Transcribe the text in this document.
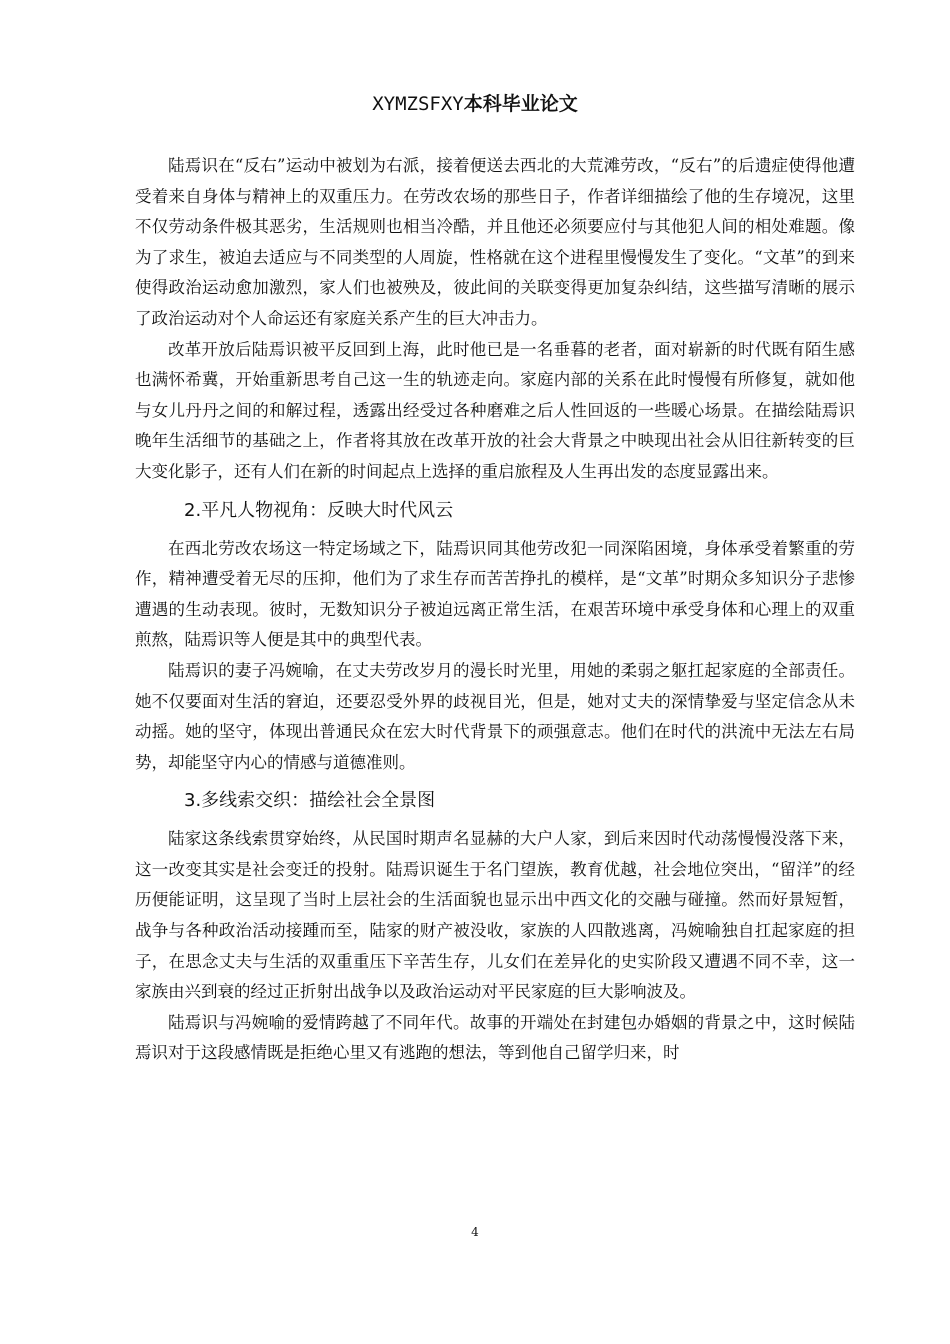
XYMZSFXY本科毕业论文

陆焉识在“反右”运动中被划为右派，接着便送去西北的大荒滩劳改，“反右”的后遗症使得他遭受着来自身体与精神上的双重压力。在劳改农场的那些日子，作者详细描绘了他的生存境况，这里不仅劳动条件极其恶劣，生活规则也相当冷酷，并且他还必须要应付与其他犯人间的相处难题。像为了求生，被迫去适应与不同类型的人周旋，性格就在这个进程里慢慢发生了变化。“文革”的到来使得政治运动愈加激烈，家人们也被殃及，彼此间的关联变得更加复杂纠结，这些描写清晰的展示了政治运动对个人命运还有家庭关系产生的巨大冲击力。

改革开放后陆焉识被平反回到上海，此时他已是一名垂暮的老者，面对崭新的时代既有陌生感也满怀希冀，开始重新思考自己这一生的轨迹走向。家庭内部的关系在此时慢慢有所修复，就如他与女儿丹丹之间的和解过程，透露出经受过各种磨难之后人性回返的一些暖心场景。在描绘陆焉识晚年生活细节的基础之上，作者将其放在改革开放的社会大背景之中映现出社会从旧往新转变的巨大变化影子，还有人们在新的时间起点上选择的重启旅程及人生再出发的态度显露出来。

2.平凡人物视角：反映大时代风云

在西北劳改农场这一特定场域之下，陆焉识同其他劳改犯一同深陷困境，身体承受着繁重的劳作，精神遭受着无尽的压抑，他们为了求生存而苦苦挣扎的模样，是“文革”时期众多知识分子悲惨遭遇的生动表现。彼时，无数知识分子被迫远离正常生活，在艰苦环境中承受身体和心理上的双重煎熬，陆焉识等人便是其中的典型代表。

陆焉识的妻子冯婉喻，在丈夫劳改岁月的漫长时光里，用她的柔弱之躯扛起家庭的全部责任。她不仅要面对生活的窘迫，还要忍受外界的歧视目光，但是，她对丈夫的深情挚爱与坚定信念从未动摇。她的坚守，体现出普通民众在宏大时代背景下的顽强意志。他们在时代的洪流中无法左右局势，却能坚守内心的情感与道德准则。

3.多线索交织：描绘社会全景图

陆家这条线索贯穿始终，从民国时期声名显赫的大户人家，到后来因时代动荡慢慢没落下来，这一改变其实是社会变迁的投射。陆焉识诞生于名门望族，教育优越，社会地位突出，“留洋”的经历便能证明，这呈现了当时上层社会的生活面貌也显示出中西文化的交融与碰撞。然而好景短暂，战争与各种政治活动接踵而至，陆家的财产被没收，家族的人四散逃离，冯婉喻独自扛起家庭的担子，在思念丈夫与生活的双重重压下辛苦生存，儿女们在差异化的史实阶段又遭遇不同不幸，这一家族由兴到衰的经过正折射出战争以及政治运动对平民家庭的巨大影响波及。

陆焉识与冯婉喻的爱情跨越了不同年代。故事的开端处在封建包办婚姻的背景之中，这时候陆焉识对于这段感情既是拒绝心里又有逃跑的想法，等到他自己留学归来，时

4
